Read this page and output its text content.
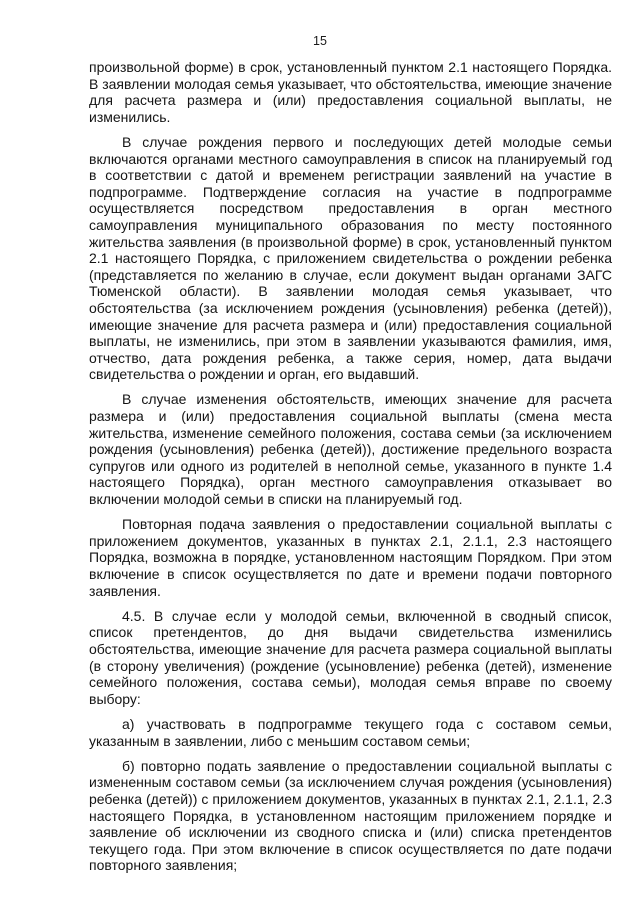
15

произвольной форме) в срок, установленный пунктом 2.1 настоящего Порядка. В заявлении молодая семья указывает, что обстоятельства, имеющие значение для расчета размера и (или) предоставления социальной выплаты, не изменились.

В случае рождения первого и последующих детей молодые семьи включаются органами местного самоуправления в список на планируемый год в соответствии с датой и временем регистрации заявлений на участие в подпрограмме. Подтверждение согласия на участие в подпрограмме осуществляется посредством предоставления в орган местного самоуправления муниципального образования по месту постоянного жительства заявления (в произвольной форме) в срок, установленный пунктом 2.1 настоящего Порядка, с приложением свидетельства о рождении ребенка (представляется по желанию в случае, если документ выдан органами ЗАГС Тюменской области). В заявлении молодая семья указывает, что обстоятельства (за исключением рождения (усыновления) ребенка (детей)), имеющие значение для расчета размера и (или) предоставления социальной выплаты, не изменились, при этом в заявлении указываются фамилия, имя, отчество, дата рождения ребенка, а также серия, номер, дата выдачи свидетельства о рождении и орган, его выдавший.

В случае изменения обстоятельств, имеющих значение для расчета размера и (или) предоставления социальной выплаты (смена места жительства, изменение семейного положения, состава семьи (за исключением рождения (усыновления) ребенка (детей)), достижение предельного возраста супругов или одного из родителей в неполной семье, указанного в пункте 1.4 настоящего Порядка), орган местного самоуправления отказывает во включении молодой семьи в списки на планируемый год.

Повторная подача заявления о предоставлении социальной выплаты с приложением документов, указанных в пунктах 2.1, 2.1.1, 2.3 настоящего Порядка, возможна в порядке, установленном настоящим Порядком. При этом включение в список осуществляется по дате и времени подачи повторного заявления.

4.5. В случае если у молодой семьи, включенной в сводный список, список претендентов, до дня выдачи свидетельства изменились обстоятельства, имеющие значение для расчета размера социальной выплаты (в сторону увеличения) (рождение (усыновление) ребенка (детей), изменение семейного положения, состава семьи), молодая семья вправе по своему выбору:

а) участвовать в подпрограмме текущего года с составом семьи, указанным в заявлении, либо с меньшим составом семьи;

б) повторно подать заявление о предоставлении социальной выплаты с измененным составом семьи (за исключением случая рождения (усыновления) ребенка (детей)) с приложением документов, указанных в пунктах 2.1, 2.1.1, 2.3 настоящего Порядка, в установленном настоящим приложением порядке и заявление об исключении из сводного списка и (или) списка претендентов текущего года. При этом включение в список осуществляется по дате подачи повторного заявления;
